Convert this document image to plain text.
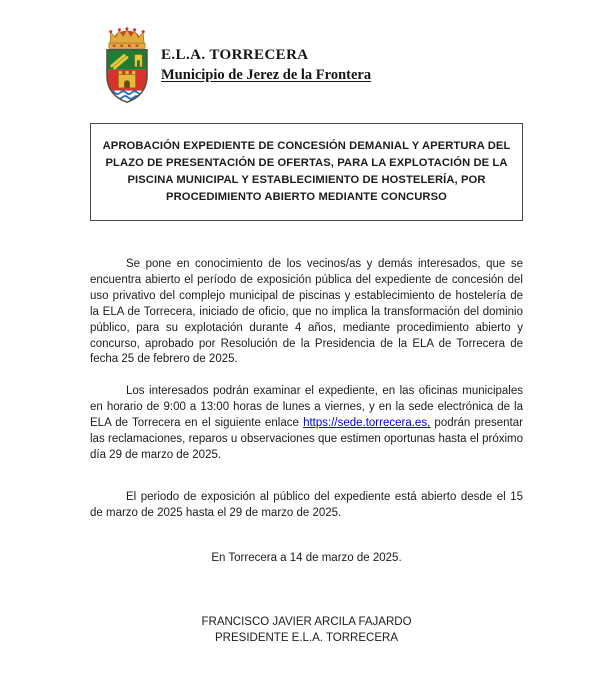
E.L.A. TORRECERA
Municipio de Jerez de la Frontera

APROBACIÓN EXPEDIENTE DE CONCESIÓN DEMANIAL Y APERTURA DEL PLAZO DE PRESENTACIÓN DE OFERTAS, PARA LA EXPLOTACIÓN DE LA PISCINA MUNICIPAL Y ESTABLECIMIENTO DE HOSTELERÍA, POR PROCEDIMIENTO ABIERTO MEDIANTE CONCURSO

Se pone en conocimiento de los vecinos/as y demás interesados, que se encuentra abierto el período de exposición pública del expediente de concesión del uso privativo del complejo municipal de piscinas y establecimiento de hostelería de la ELA de Torrecera, iniciado de oficio, que no implica la transformación del dominio público, para su explotación durante 4 años, mediante procedimiento abierto y concurso, aprobado por Resolución de la Presidencia de la ELA de Torrecera de fecha 25 de febrero de 2025.

Los interesados podrán examinar el expediente, en las oficinas municipales en horario de 9:00 a 13:00 horas de lunes a viernes, y en la sede electrónica de la ELA de Torrecera en el siguiente enlace https://sede.torrecera.es, podrán presentar las reclamaciones, reparos u observaciones que estimen oportunas hasta el próximo día 29 de marzo de 2025.

El periodo de exposición al público del expediente está abierto desde el 15 de marzo de 2025 hasta el 29 de marzo de 2025.

En Torrecera a 14 de marzo de 2025.

FRANCISCO JAVIER ARCILA FAJARDO
PRESIDENTE E.L.A. TORRECERA
